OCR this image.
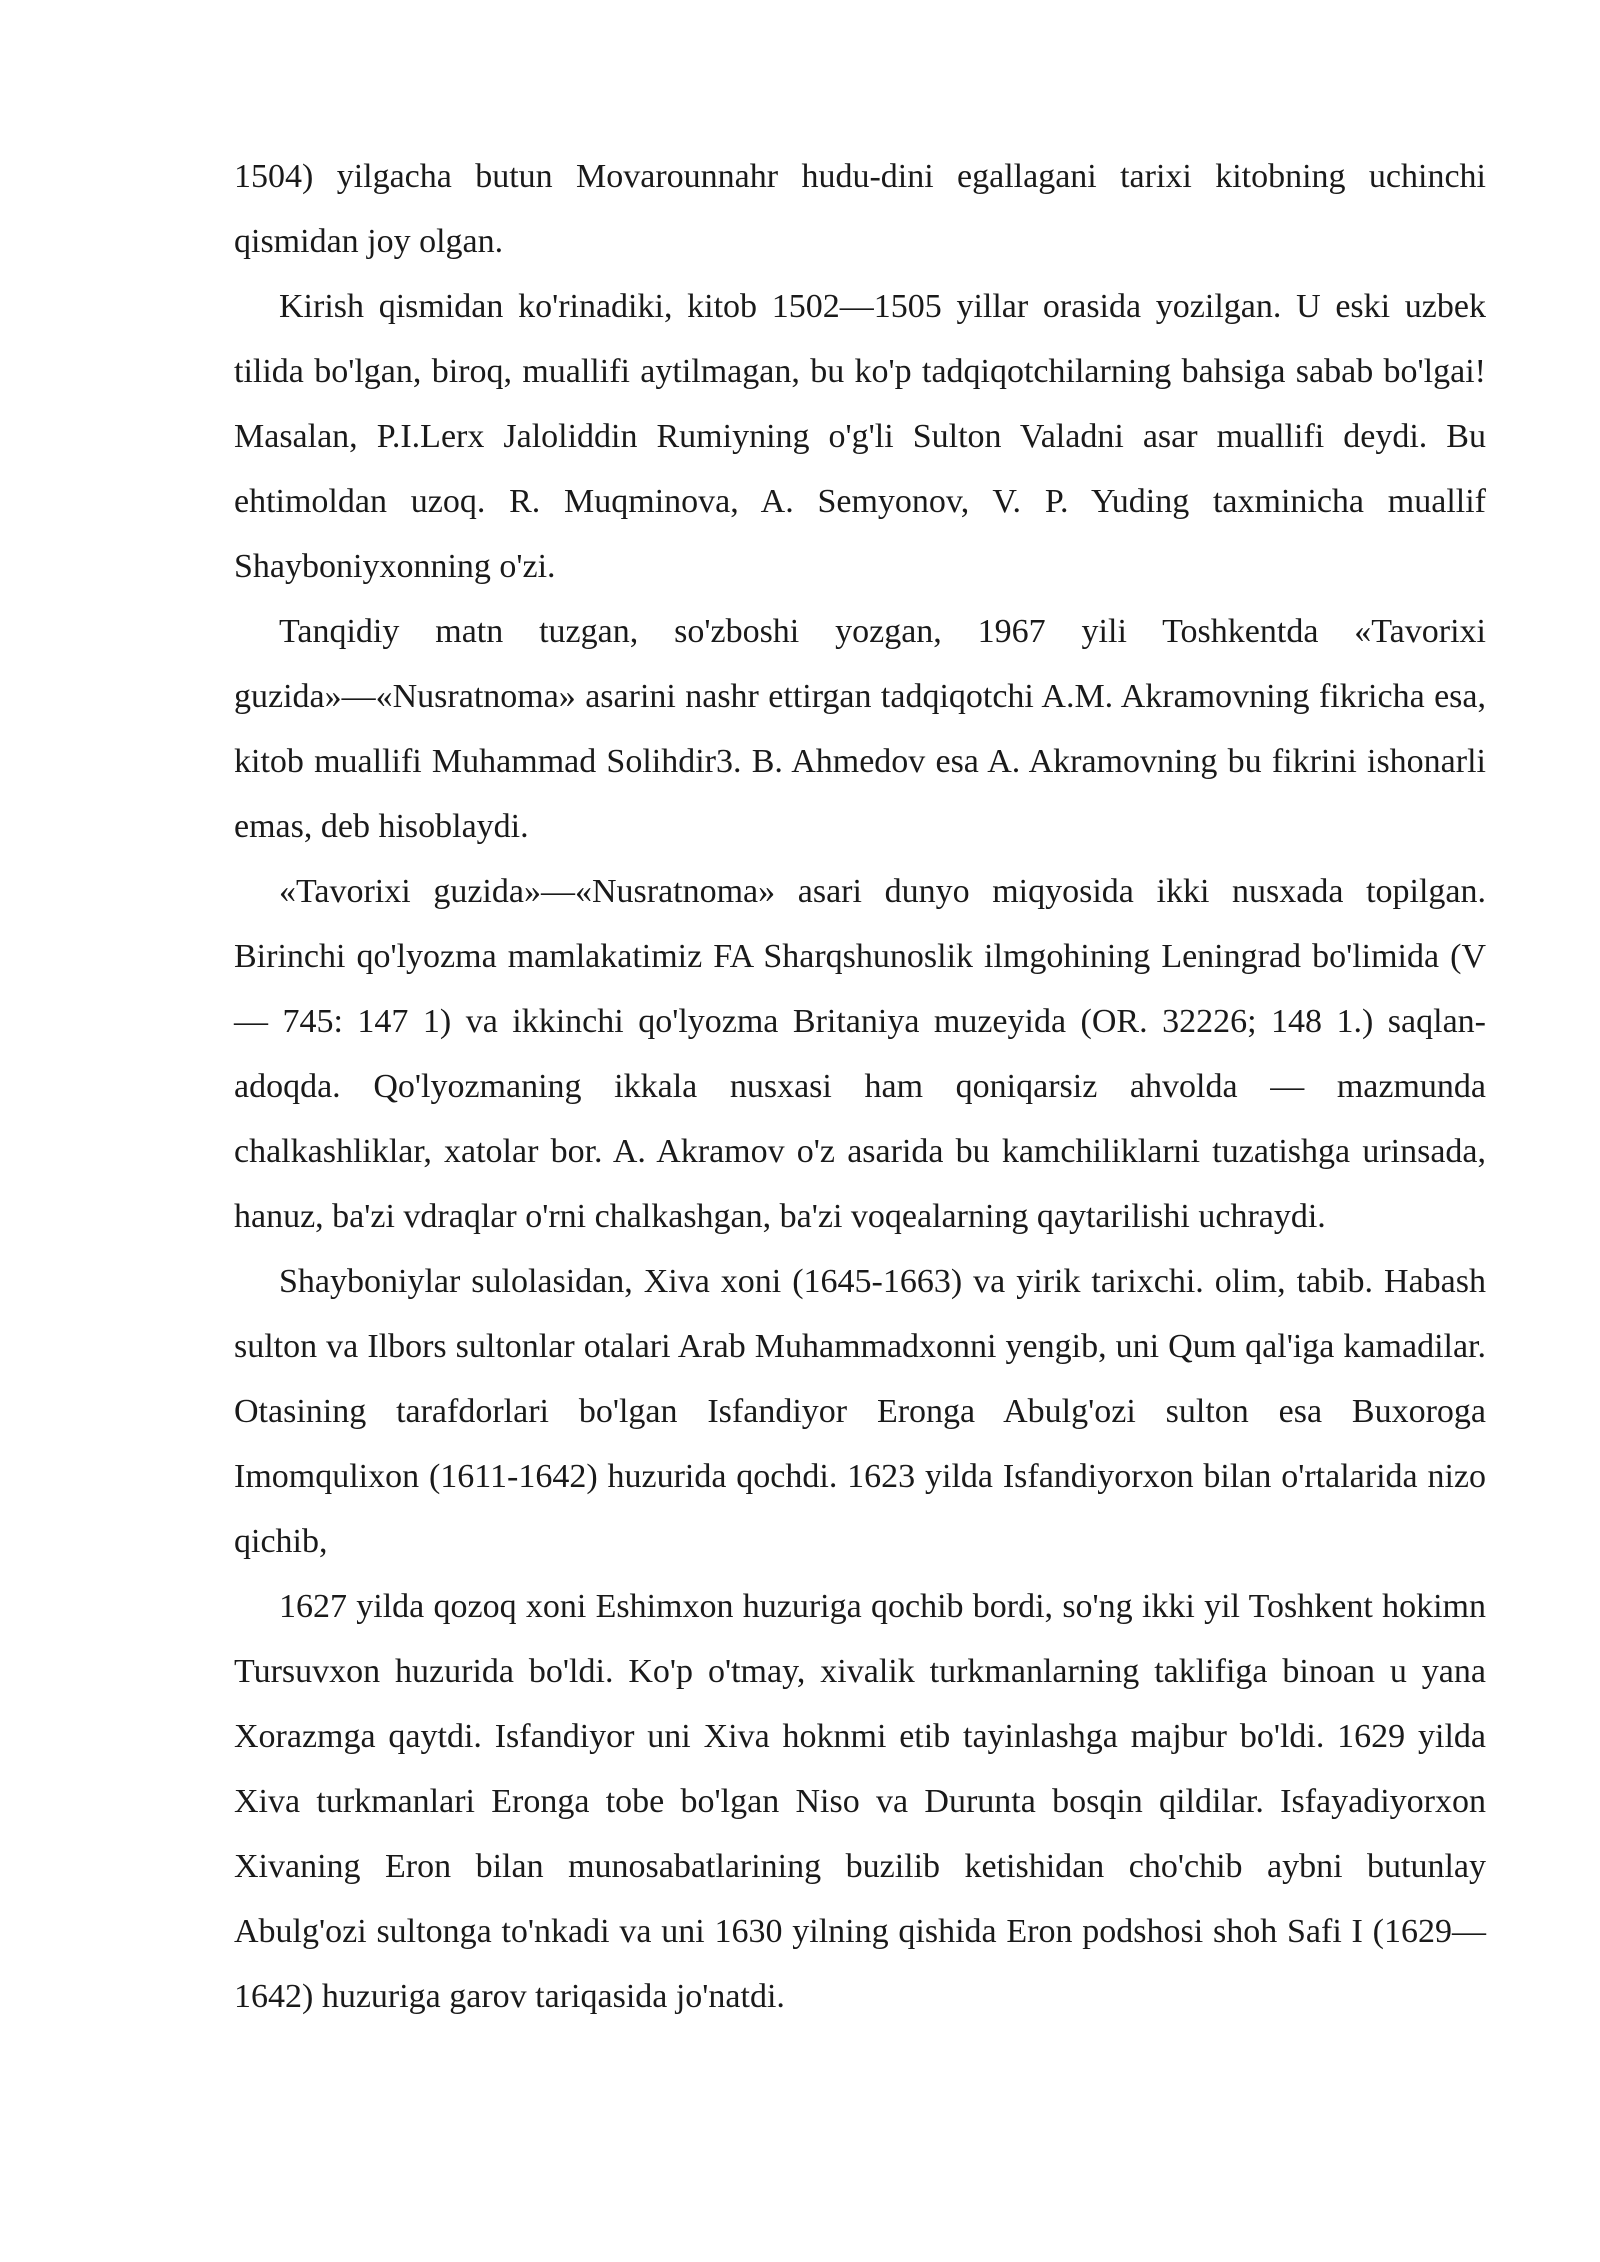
1504) yilgacha butun Movarounnahr hudu-dini egallagani tarixi kitobning uchinchi qismidan joy olgan.

Kirish qismidan ko'rinadiki, kitob 1502—1505 yillar orasida yozilgan. U eski uzbek tilida bo'lgan, biroq, muallifi aytilmagan, bu ko'p tadqiqotchilarning bahsiga sabab bo'lgai! Masalan, P.I.Lerx Jaloliddin Rumiyning o'g'li Sulton Valadni asar muallifi deydi. Bu ehtimoldan uzoq. R. Muqminova, A. Semyonov, V. P. Yuding taxminicha muallif Shayboniyxonning o'zi.

Tanqidiy matn tuzgan, so'zboshi yozgan, 1967 yili Toshkentda «Tavorixi guzida»—«Nusratnoma» asarini nashr ettirgan tadqiqotchi A.M. Akramovning fikricha esa, kitob muallifi Muhammad Solihdir3. B. Ahmedov esa A. Akramovning bu fikrini ishonarli emas, deb hisoblaydi.

«Tavorixi guzida»—«Nusratnoma» asari dunyo miqyosida ikki nusxada topilgan. Birinchi qo'lyozma mamlakatimiz FA Sharqshunoslik ilmgohining Leningrad bo'limida (V — 745: 147 1) va ikkinchi qo'lyozma Britaniya muzeyida (OR. 32226; 148 1.) saqlan-adoqda. Qo'lyozmaning ikkala nusxasi ham qoniqarsiz ahvolda — mazmunda chalkashliklar, xatolar bor. A. Akramov o'z asarida bu kamchiliklarni tuzatishga urinsada, hanuz, ba'zi vdraqlar o'rni chalkashgan, ba'zi voqealarning qaytarilishi uchraydi.

Shayboniylar sulolasidan, Xiva xoni (1645-1663) va yirik tarixchi. olim, tabib. Habash sulton va Ilbors sultonlar otalari Arab Muhammadxonni yengib, uni Qum qal'iga kamadilar. Otasining tarafdorlari bo'lgan Isfandiyor Eronga Abulg'ozi sulton esa Buxoroga Imomqulixon (1611-1642) huzurida qochdi. 1623 yilda Isfandiyorxon bilan o'rtalarida nizo qichib,

1627 yilda qozoq xoni Eshimxon huzuriga qochib bordi, so'ng ikki yil Toshkent hokimn Tursuvxon huzurida bo'ldi. Ko'p o'tmay, xivalik turkmanlarning taklifiga binoan u yana Xorazmga qaytdi. Isfandiyor uni Xiva hoknmi etib tayinlashga majbur bo'ldi. 1629 yilda Xiva turkmanlari Eronga tobe bo'lgan Niso va Durunta bosqin qildilar. Isfayadiyorxon Xivaning Eron bilan munosabatlarining buzilib ketishidan cho'chib aybni butunlay Abulg'ozi sultonga to'nkadi va uni 1630 yilning qishida Eron podshosi shoh Safi I (1629—1642) huzuriga garov tariqasida jo'natdi.
